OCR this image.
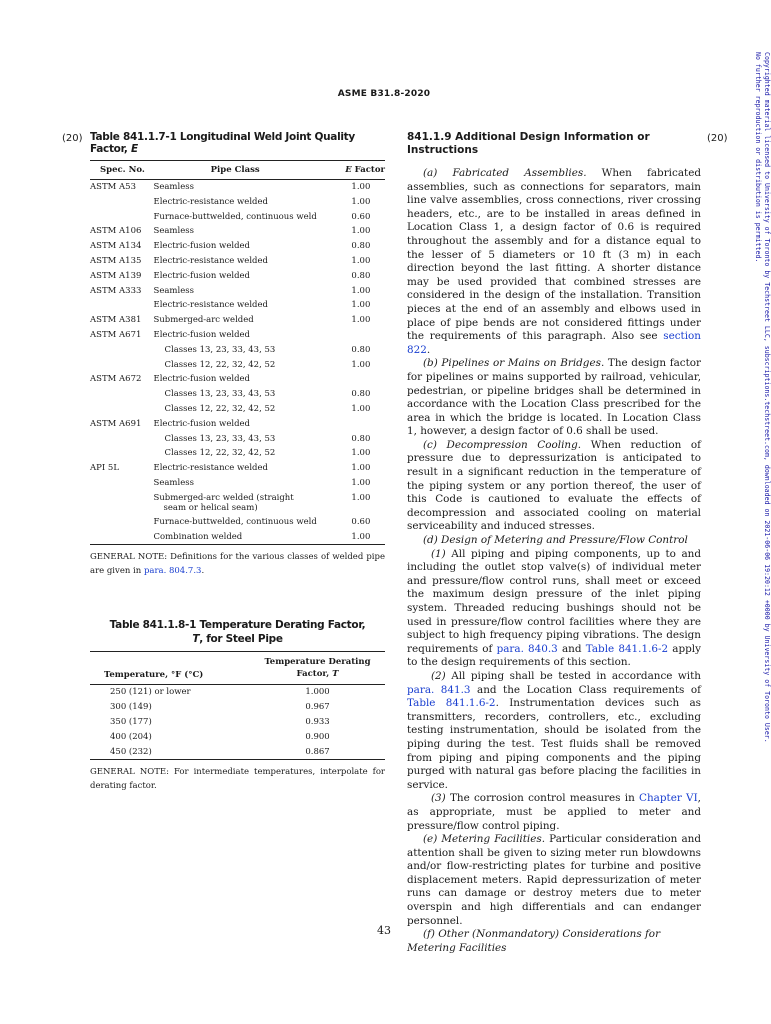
ASME B31.8-2020	Copyrighted material licensed to University of Toronto by Techstreet LLC, subscriptions.techstreet.com, downloaded on 2021-06-06 19:20:12 +0000 by University of Toronto User.
No further reproduction or distribution is permitted.
(20)	(20)
Table 841.1.7-1 Longitudinal Weld Joint Quality Factor, E
Spec. No.	Pipe Class	E Factor
ASTM A53	Seamless	1.00
	Electric-resistance welded	1.00
	Furnace-buttwelded, continuous weld	0.60
ASTM A106	Seamless	1.00
ASTM A134	Electric-fusion welded	0.80
ASTM A135	Electric-resistance welded	1.00
ASTM A139	Electric-fusion welded	0.80
ASTM A333	Seamless	1.00
	Electric-resistance welded	1.00
ASTM A381	Submerged-arc welded	1.00
ASTM A671	Electric-fusion welded	
	Classes 13, 23, 33, 43, 53	0.80
	Classes 12, 22, 32, 42, 52	1.00
ASTM A672	Electric-fusion welded	
	Classes 13, 23, 33, 43, 53	0.80
	Classes 12, 22, 32, 42, 52	1.00
ASTM A691	Electric-fusion welded	
	Classes 13, 23, 33, 43, 53	0.80
	Classes 12, 22, 32, 42, 52	1.00
API 5L	Electric-resistance welded	1.00
	Seamless	1.00

	Submerged-arc welded (straight
seam or helical seam)	1.00
	Furnace-buttwelded, continuous weld	0.60
	Combination welded	1.00
GENERAL NOTE: Definitions for the various classes of welded pipe are given in para. 804.7.3.
Table 841.1.8-1 Temperature Derating Factor,
T, for Steel Pipe
Temperature, °F (°C)	Temperature Derating
Factor, T

250 (121) or lower	1.000
300 (149)	0.967
350 (177)	0.933
400 (204)	0.900
450 (232)	0.867
GENERAL NOTE: For intermediate temperatures, interpolate for derating factor.
841.1.9 Additional Design Information or Instructions

(a) Fabricated Assemblies. When fabricated assemblies, such as connections for separators, main line valve assemblies, cross connections, river crossing headers, etc., are to be installed in areas defined in Location Class 1, a design factor of 0.6 is required throughout the assembly and for a distance equal to the lesser of 5 diameters or 10 ft (3 m) in each direction beyond the last fitting. A shorter distance may be used provided that combined stresses are considered in the design of the installation. Transition pieces at the end of an assembly and elbows used in place of pipe bends are not considered fittings under the requirements of this paragraph. Also see section 822.

(b) Pipelines or Mains on Bridges. The design factor for pipelines or mains supported by railroad, vehicular, pedestrian, or pipeline bridges shall be determined in accordance with the Location Class prescribed for the area in which the bridge is located. In Location Class 1, however, a design factor of 0.6 shall be used.

(c) Decompression Cooling. When reduction of pressure due to depressurization is anticipated to result in a significant reduction in the temperature of the piping system or any portion thereof, the user of this Code is cautioned to evaluate the effects of decompression and associated cooling on material serviceability and induced stresses.

(d) Design of Metering and Pressure/Flow Control

(1) All piping and piping components, up to and including the outlet stop valve(s) of individual meter and pressure/flow control runs, shall meet or exceed the maximum design pressure of the inlet piping system. Threaded reducing bushings should not be used in pressure/flow control facilities where they are subject to high frequency piping vibrations. The design requirements of para. 840.3 and Table 841.1.6-2 apply to the design requirements of this section.

(2) All piping shall be tested in accordance with para. 841.3 and the Location Class requirements of Table 841.1.6-2. Instrumentation devices such as transmitters, recorders, controllers, etc., excluding testing instrumentation, should be isolated from the piping during the test. Test fluids shall be removed from piping and piping components and the piping purged with natural gas before placing the facilities in service.

(3) The corrosion control measures in Chapter VI, as appropriate, must be applied to meter and pressure/flow control piping.

(e) Metering Facilities. Particular consideration and attention shall be given to sizing meter run blowdowns and/or flow-restricting plates for turbine and positive displacement meters. Rapid depressurization of meter runs can damage or destroy meters due to meter overspin and high differentials and can endanger personnel.

(f) Other (Nonmandatory) Considerations for Metering Facilities

43
